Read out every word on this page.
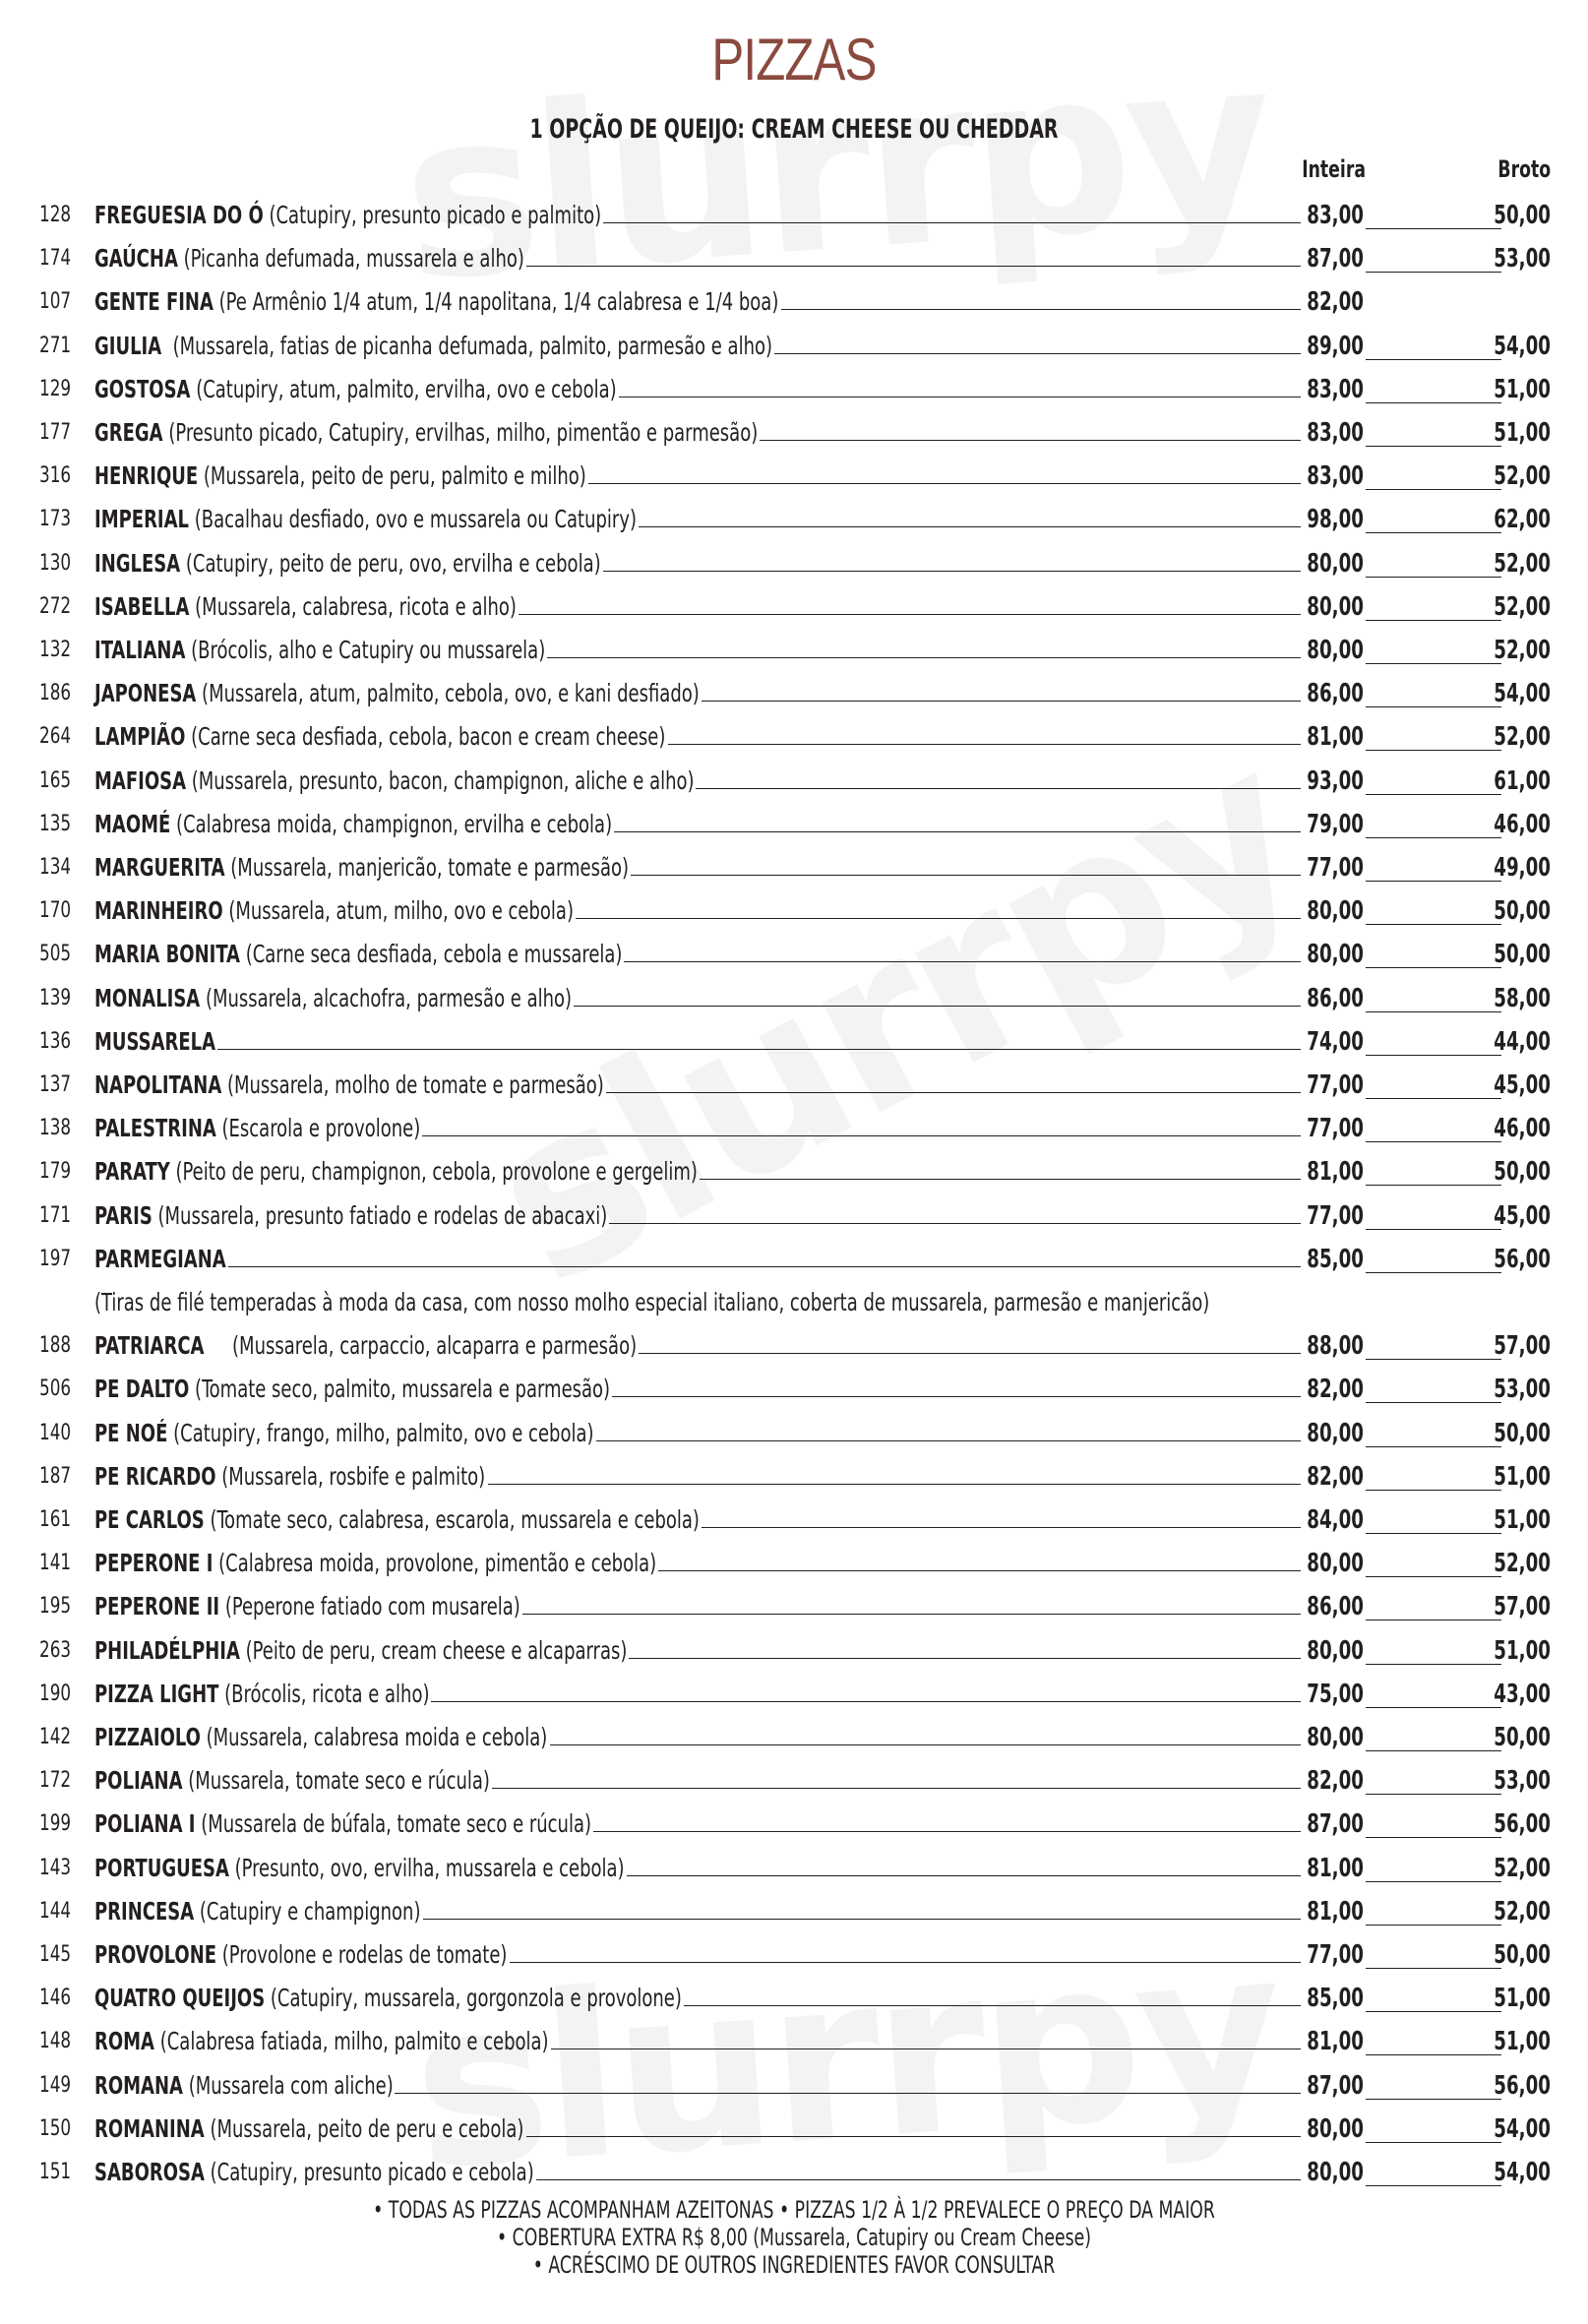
PIZZAS
1 OPÇÃO DE QUEIJO: CREAM CHEESE OU CHEDDAR
Inteira	Broto
128 FREGUESIA DO Ó (Catupiry, presunto picado e palmito)	83,00	50,00
174 GAÚCHA (Picanha defumada, mussarela e alho)	87,00	53,00
107 GENTE FINA (Pe Armênio 1/4 atum, 1/4 napolitana, 1/4 calabresa e 1/4 boa)	82,00
271 GIULIA  (Mussarela, fatias de picanha defumada, palmito, parmesão e alho)	89,00	54,00
129 GOSTOSA (Catupiry, atum, palmito, ervilha, ovo e cebola)	83,00	51,00
177 GREGA (Presunto picado, Catupiry, ervilhas, milho, pimentão e parmesão)	83,00	51,00
316 HENRIQUE (Mussarela, peito de peru, palmito e milho)	83,00	52,00
173 IMPERIAL (Bacalhau desfiado, ovo e mussarela ou Catupiry)	98,00	62,00
130 INGLESA (Catupiry, peito de peru, ovo, ervilha e cebola)	80,00	52,00
272 ISABELLA (Mussarela, calabresa, ricota e alho)	80,00	52,00
132 ITALIANA (Brócolis, alho e Catupiry ou mussarela)	80,00	52,00
186 JAPONESA (Mussarela, atum, palmito, cebola, ovo, e kani desfiado)	86,00	54,00
264 LAMPIÃO (Carne seca desfiada, cebola, bacon e cream cheese)	81,00	52,00
165 MAFIOSA (Mussarela, presunto, bacon, champignon, aliche e alho)	93,00	61,00
135 MAOMÉ (Calabresa moida, champignon, ervilha e cebola)	79,00	46,00
134 MARGUERITA (Mussarela, manjericão, tomate e parmesão)	77,00	49,00
170 MARINHEIRO (Mussarela, atum, milho, ovo e cebola)	80,00	50,00
505 MARIA BONITA (Carne seca desfiada, cebola e mussarela)	80,00	50,00
139 MONALISA (Mussarela, alcachofra, parmesão e alho)	86,00	58,00
136 MUSSARELA	74,00	44,00
137 NAPOLITANA (Mussarela, molho de tomate e parmesão)	77,00	45,00
138 PALESTRINA (Escarola e provolone)	77,00	46,00
179 PARATY (Peito de peru, champignon, cebola, provolone e gergelim)	81,00	50,00
171 PARIS (Mussarela, presunto fatiado e rodelas de abacaxi)	77,00	45,00
197 PARMEGIANA	85,00	56,00
(Tiras de filé temperadas à moda da casa, com nosso molho especial italiano, coberta de mussarela, parmesão e manjericão)
188 PATRIARCA     (Mussarela, carpaccio, alcaparra e parmesão)	88,00	57,00
506 PE DALTO (Tomate seco, palmito, mussarela e parmesão)	82,00	53,00
140 PE NOÉ (Catupiry, frango, milho, palmito, ovo e cebola)	80,00	50,00
187 PE RICARDO (Mussarela, rosbife e palmito)	82,00	51,00
161 PE CARLOS (Tomate seco, calabresa, escarola, mussarela e cebola)	84,00	51,00
141 PEPERONE I (Calabresa moida, provolone, pimentão e cebola)	80,00	52,00
195 PEPERONE II (Peperone fatiado com musarela)	86,00	57,00
263 PHILADÉLPHIA (Peito de peru, cream cheese e alcaparras)	80,00	51,00
190 PIZZA LIGHT (Brócolis, ricota e alho)	75,00	43,00
142 PIZZAIOLO (Mussarela, calabresa moida e cebola)	80,00	50,00
172 POLIANA (Mussarela, tomate seco e rúcula)	82,00	53,00
199 POLIANA I (Mussarela de búfala, tomate seco e rúcula)	87,00	56,00
143 PORTUGUESA (Presunto, ovo, ervilha, mussarela e cebola)	81,00	52,00
144 PRINCESA (Catupiry e champignon)	81,00	52,00
145 PROVOLONE (Provolone e rodelas de tomate)	77,00	50,00
146 QUATRO QUEIJOS (Catupiry, mussarela, gorgonzola e provolone)	85,00	51,00
148 ROMA (Calabresa fatiada, milho, palmito e cebola)	81,00	51,00
149 ROMANA (Mussarela com aliche)	87,00	56,00
150 ROMANINA (Mussarela, peito de peru e cebola)	80,00	54,00
151 SABOROSA (Catupiry, presunto picado e cebola)	80,00	54,00
• TODAS AS PIZZAS ACOMPANHAM AZEITONAS • PIZZAS 1/2 À 1/2 PREVALECE O PREÇO DA MAIOR
• COBERTURA EXTRA R$ 8,00 (Mussarela, Catupiry ou Cream Cheese)
• ACRÉSCIMO DE OUTROS INGREDIENTES FAVOR CONSULTAR
